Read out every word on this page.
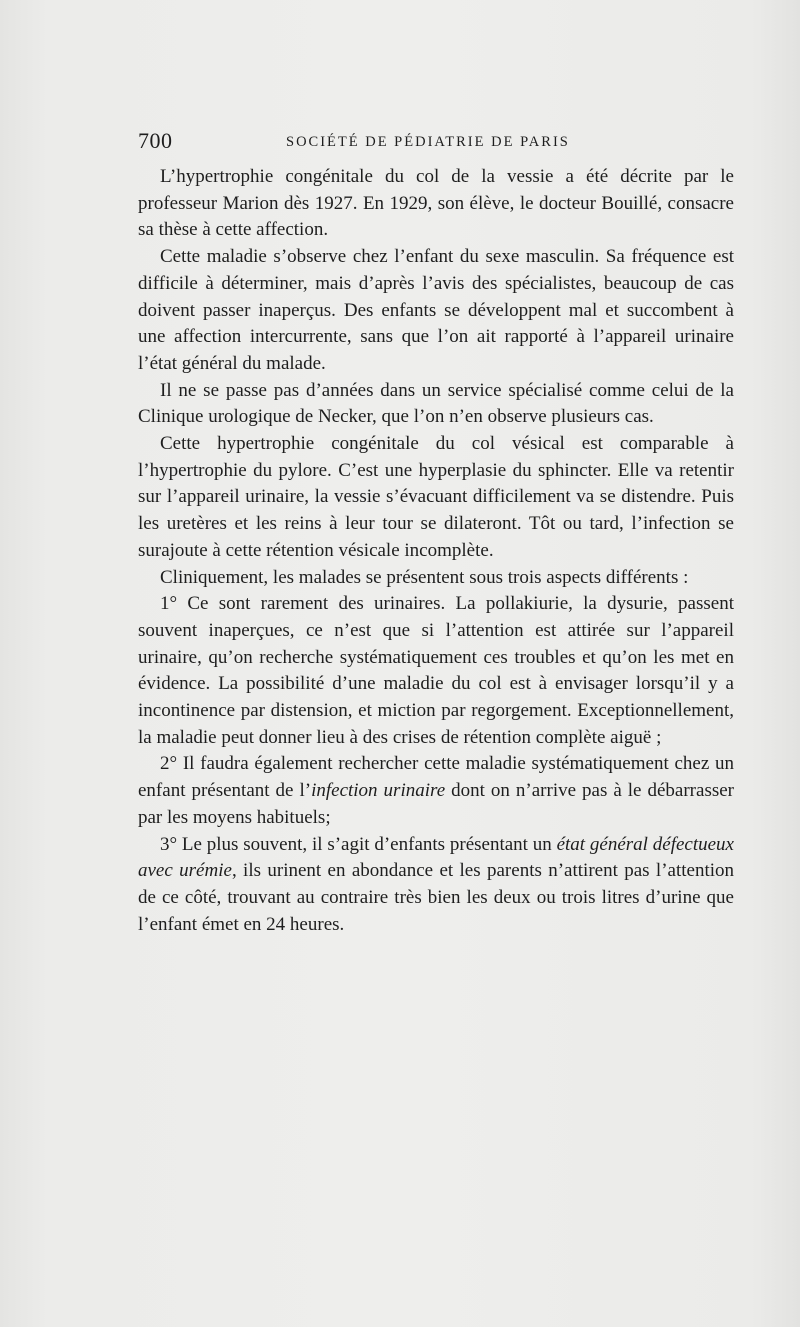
700	SOCIÉTÉ DE PÉDIATRIE DE PARIS

L’hypertrophie congénitale du col de la vessie a été décrite par le professeur Marion dès 1927. En 1929, son élève, le docteur Bouillé, consacre sa thèse à cette affection.

Cette maladie s’observe chez l’enfant du sexe masculin. Sa fréquence est difficile à déterminer, mais d’après l’avis des spécialistes, beaucoup de cas doivent passer inaperçus. Des enfants se développent mal et succombent à une affection intercurrente, sans que l’on ait rapporté à l’appareil urinaire l’état général du malade.

Il ne se passe pas d’années dans un service spécialisé comme celui de la Clinique urologique de Necker, que l’on n’en observe plusieurs cas.

Cette hypertrophie congénitale du col vésical est comparable à l’hypertrophie du pylore. C’est une hyperplasie du sphincter. Elle va retentir sur l’appareil urinaire, la vessie s’évacuant difficilement va se distendre. Puis les uretères et les reins à leur tour se dilateront. Tôt ou tard, l’infection se surajoute à cette rétention vésicale incomplète.

Cliniquement, les malades se présentent sous trois aspects différents :

1° Ce sont rarement des urinaires. La pollakiurie, la dysurie, passent souvent inaperçues, ce n’est que si l’attention est attirée sur l’appareil urinaire, qu’on recherche systématiquement ces troubles et qu’on les met en évidence. La possibilité d’une maladie du col est à envisager lorsqu’il y a incontinence par distension, et miction par regorgement. Exceptionnellement, la maladie peut donner lieu à des crises de rétention complète aiguë ;

2° Il faudra également rechercher cette maladie systématiquement chez un enfant présentant de l’infection urinaire dont on n’arrive pas à le débarrasser par les moyens habituels;

3° Le plus souvent, il s’agit d’enfants présentant un état général défectueux avec urémie, ils urinent en abondance et les parents n’attirent pas l’attention de ce côté, trouvant au contraire très bien les deux ou trois litres d’urine que l’enfant émet en 24 heures.
